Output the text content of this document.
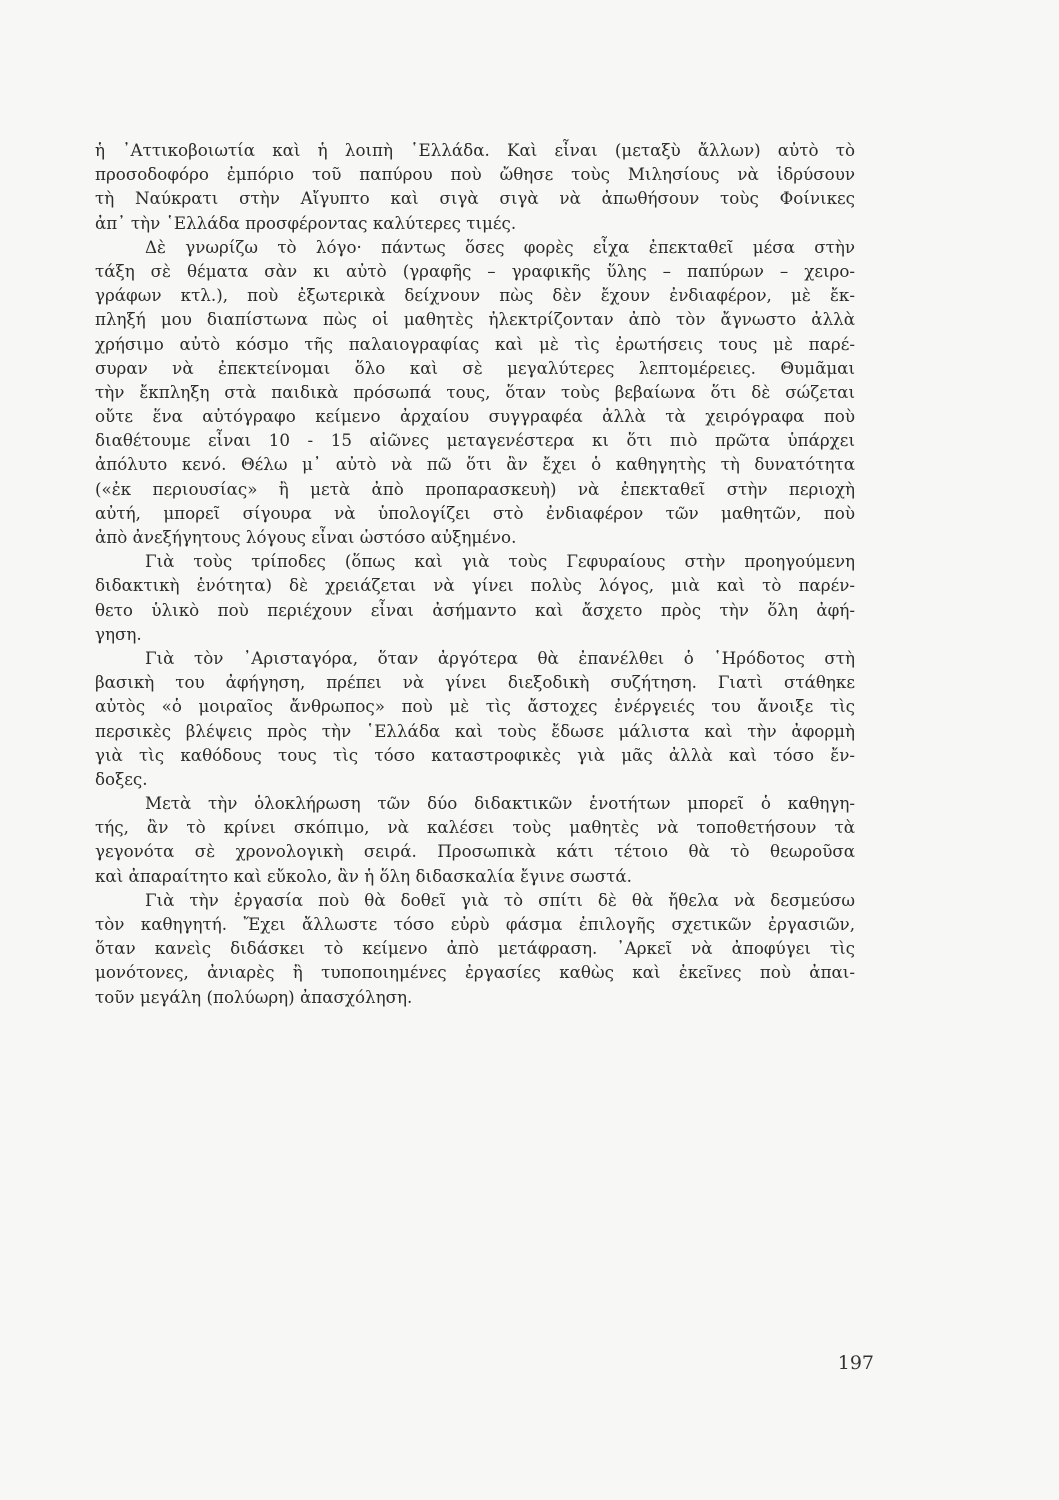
ἡ ᾿Αττικοβοιωτία καὶ ἡ λοιπὴ ῾Ελλάδα. Καὶ εἶναι (μεταξὺ ἄλλων) αὐτὸ τὸ
προσοδοφόρο ἐμπόριο τοῦ παπύρου ποὺ ὤθησε τοὺς Μιλησίους νὰ ἱδρύσουν
τὴ Ναύκρατι στὴν Αἴγυπτο καὶ σιγὰ σιγὰ νὰ ἀπωθήσουν τοὺς Φοίνικες
ἀπ᾿ τὴν ῾Ελλάδα προσφέροντας καλύτερες τιμές.
Δὲ γνωρίζω τὸ λόγο· πάντως ὅσες φορὲς εἶχα ἐπεκταθεῖ μέσα στὴν
τάξη σὲ θέματα σὰν κι αὐτὸ (γραφῆς – γραφικῆς ὕλης – παπύρων – χειρο-
γράφων κτλ.), ποὺ ἐξωτερικὰ δείχνουν πὼς δὲν ἔχουν ἐνδιαφέρον, μὲ ἔκ-
πληξή μου διαπίστωνα πὼς οἱ μαθητὲς ἠλεκτρίζονταν ἀπὸ τὸν ἄγνωστο ἀλλὰ
χρήσιμο αὐτὸ κόσμο τῆς παλαιογραφίας καὶ μὲ τὶς ἐρωτήσεις τους μὲ παρέ-
συραν νὰ ἐπεκτείνομαι ὅλο καὶ σὲ μεγαλύτερες λεπτομέρειες. Θυμᾶμαι
τὴν ἔκπληξη στὰ παιδικὰ πρόσωπά τους, ὅταν τοὺς βεβαίωνα ὅτι δὲ σώζεται
οὔτε ἕνα αὐτόγραφο κείμενο ἀρχαίου συγγραφέα ἀλλὰ τὰ χειρόγραφα ποὺ
διαθέτουμε εἶναι 10 - 15 αἰῶνες μεταγενέστερα κι ὅτι πιὸ πρῶτα ὑπάρχει
ἀπόλυτο κενό. Θέλω μ᾿ αὐτὸ νὰ πῶ ὅτι ἂν ἔχει ὁ καθηγητὴς τὴ δυνατότητα
(«ἐκ περιουσίας» ἢ μετὰ ἀπὸ προπαρασκευὴ) νὰ ἐπεκταθεῖ στὴν περιοχὴ
αὐτή, μπορεῖ σίγουρα νὰ ὑπολογίζει στὸ ἐνδιαφέρον τῶν μαθητῶν, ποὺ
ἀπὸ ἀνεξήγητους λόγους εἶναι ὡστόσο αὐξημένο.
Γιὰ τοὺς τρίποδες (ὅπως καὶ γιὰ τοὺς Γεφυραίους στὴν προηγούμενη
διδακτικὴ ἑνότητα) δὲ χρειάζεται νὰ γίνει πολὺς λόγος, μιὰ καὶ τὸ παρέν-
θετο ὑλικὸ ποὺ περιέχουν εἶναι ἀσήμαντο καὶ ἄσχετο πρὸς τὴν ὅλη ἀφή-
γηση.
Γιὰ τὸν ᾿Αρισταγόρα, ὅταν ἀργότερα θὰ ἐπανέλθει ὁ ῾Ηρόδοτος στὴ
βασικὴ του ἀφήγηση, πρέπει νὰ γίνει διεξοδικὴ συζήτηση. Γιατὶ στάθηκε
αὐτὸς «ὁ μοιραῖος ἄνθρωπος» ποὺ μὲ τὶς ἄστοχες ἐνέργειές του ἄνοιξε τὶς
περσικὲς βλέψεις πρὸς τὴν ῾Ελλάδα καὶ τοὺς ἔδωσε μάλιστα καὶ τὴν ἀφορμὴ
γιὰ τὶς καθόδους τους τὶς τόσο καταστροφικὲς γιὰ μᾶς ἀλλὰ καὶ τόσο ἔν-
δοξες.
Μετὰ τὴν ὁλοκλήρωση τῶν δύο διδακτικῶν ἑνοτήτων μπορεῖ ὁ καθηγη-
τής, ἂν τὸ κρίνει σκόπιμο, νὰ καλέσει τοὺς μαθητὲς νὰ τοποθετήσουν τὰ
γεγονότα σὲ χρονολογικὴ σειρά. Προσωπικὰ κάτι τέτοιο θὰ τὸ θεωροῦσα
καὶ ἀπαραίτητο καὶ εὔκολο, ἂν ἡ ὅλη διδασκαλία ἔγινε σωστά.
Γιὰ τὴν ἐργασία ποὺ θὰ δοθεῖ γιὰ τὸ σπίτι δὲ θὰ ἤθελα νὰ δεσμεύσω
τὸν καθηγητή. Ἔχει ἄλλωστε τόσο εὐρὺ φάσμα ἐπιλογῆς σχετικῶν ἐργασιῶν,
ὅταν κανεὶς διδάσκει τὸ κείμενο ἀπὸ μετάφραση. ᾿Αρκεῖ νὰ ἀποφύγει τὶς
μονότονες, ἀνιαρὲς ἢ τυποποιημένες ἐργασίες καθὼς καὶ ἐκεῖνες ποὺ ἀπαι-
τοῦν μεγάλη (πολύωρη) ἀπασχόληση.
197
